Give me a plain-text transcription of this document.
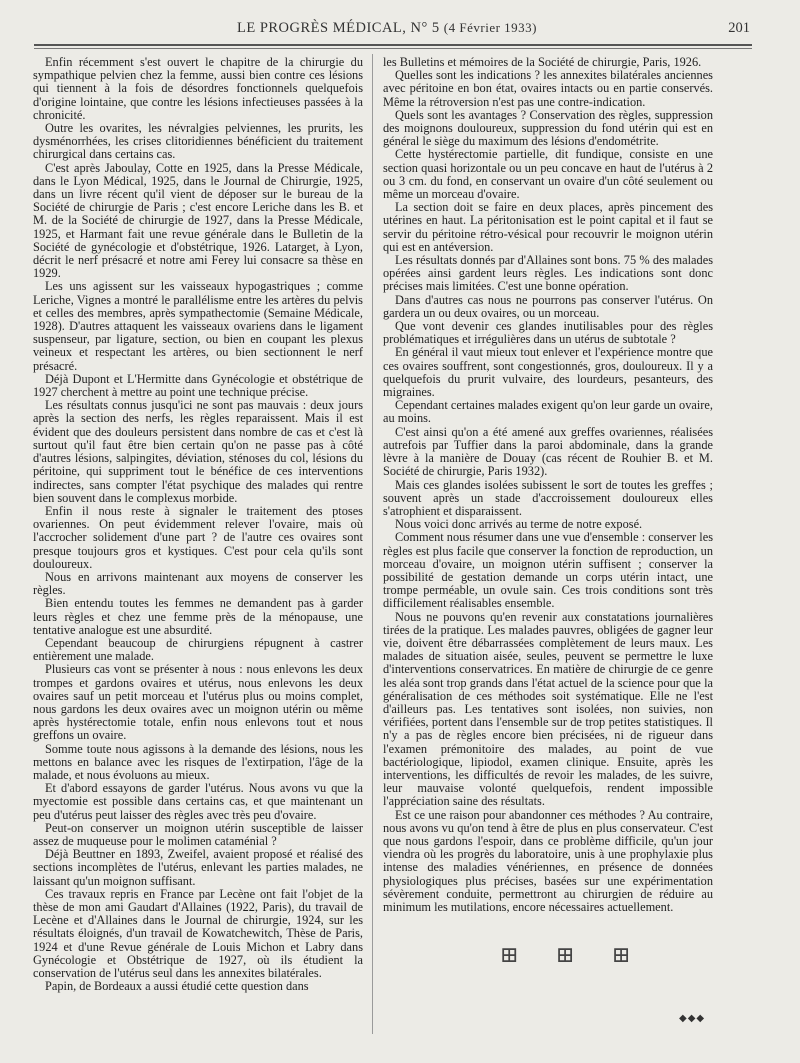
LE PROGRÈS MÉDICAL, N° 5 (4 Février 1933)	201

Enfin récemment s'est ouvert le chapitre de la chirurgie du sympathique pelvien chez la femme, aussi bien contre ces lésions qui tiennent à la fois de désordres fonctionnels quelquefois d'origine lointaine, que contre les lésions infectieuses passées à la chronicité.

Outre les ovarites, les névralgies pelviennes, les prurits, les dysménorrhées, les crises clitoridiennes bénéficient du traitement chirurgical dans certains cas.

C'est après Jaboulay, Cotte en 1925, dans la Presse Médicale, dans le Lyon Médical, 1925, dans le Journal de Chirurgie, 1925, dans un livre récent qu'il vient de déposer sur le bureau de la Société de chirurgie de Paris ; c'est encore Leriche dans les B. et M. de la Société de chirurgie de 1927, dans la Presse Médicale, 1925, et Harmant fait une revue générale dans le Bulletin de la Société de gynécologie et d'obstétrique, 1926. Latarget, à Lyon, décrit le nerf présacré et notre ami Ferey lui consacre sa thèse en 1929.

Les uns agissent sur les vaisseaux hypogastriques ; comme Leriche, Vignes a montré le parallélisme entre les artères du pelvis et celles des membres, après sympathectomie (Semaine Médicale, 1928). D'autres attaquent les vaisseaux ovariens dans le ligament suspenseur, par ligature, section, ou bien en coupant les plexus veineux et respectant les artères, ou bien sectionnent le nerf présacré.

Déjà Dupont et L'Hermitte dans Gynécologie et obstétrique de 1927 cherchent à mettre au point une technique précise.

Les résultats connus jusqu'ici ne sont pas mauvais : deux jours après la section des nerfs, les règles reparaissent. Mais il est évident que des douleurs persistent dans nombre de cas et c'est là surtout qu'il faut être bien certain qu'on ne passe pas à côté d'autres lésions, salpingites, déviation, sténoses du col, lésions du péritoine, qui suppriment tout le bénéfice de ces interventions indirectes, sans compter l'état psychique des malades qui rentre bien souvent dans le complexus morbide.

Enfin il nous reste à signaler le traitement des ptoses ovariennes. On peut évidemment relever l'ovaire, mais où l'accrocher solidement d'une part ? de l'autre ces ovaires sont presque toujours gros et kystiques. C'est pour cela qu'ils sont douloureux.

Nous en arrivons maintenant aux moyens de conserver les règles.

Bien entendu toutes les femmes ne demandent pas à garder leurs règles et chez une femme près de la ménopause, une tentative analogue est une absurdité.

Cependant beaucoup de chirurgiens répugnent à castrer entièrement une malade.

Plusieurs cas vont se présenter à nous : nous enlevons les deux trompes et gardons ovaires et utérus, nous enlevons les deux ovaires sauf un petit morceau et l'utérus plus ou moins complet, nous gardons les deux ovaires avec un moignon utérin ou même après hystérectomie totale, enfin nous enlevons tout et nous greffons un ovaire.

Somme toute nous agissons à la demande des lésions, nous les mettons en balance avec les risques de l'extirpation, l'âge de la malade, et nous évoluons au mieux.

Et d'abord essayons de garder l'utérus. Nous avons vu que la myectomie est possible dans certains cas, et que maintenant un peu d'utérus peut laisser des règles avec très peu d'ovaire.

Peut-on conserver un moignon utérin susceptible de laisser assez de muqueuse pour le molimen cataménial ?

Déjà Beuttner en 1893, Zweifel, avaient proposé et réalisé des sections incomplètes de l'utérus, enlevant les parties malades, ne laissant qu'un moignon suffisant.

Ces travaux repris en France par Lecène ont fait l'objet de la thèse de mon ami Gaudart d'Allaines (1922, Paris), du travail de Lecène et d'Allaines dans le Journal de chirurgie, 1924, sur les résultats éloignés, d'un travail de Kowatchewitch, Thèse de Paris, 1924 et d'une Revue générale de Louis Michon et Labry dans Gynécologie et Obstétrique de 1927, où ils étudient la conservation de l'utérus seul dans les annexites bilatérales.

Papin, de Bordeaux a aussi étudié cette question dans

les Bulletins et mémoires de la Société de chirurgie, Paris, 1926.

Quelles sont les indications ? les annexites bilatérales anciennes avec péritoine en bon état, ovaires intacts ou en partie conservés. Même la rétroversion n'est pas une contre-indication.

Quels sont les avantages ? Conservation des règles, suppression des moignons douloureux, suppression du fond utérin qui est en général le siège du maximum des lésions d'endométrite.

Cette hystérectomie partielle, dit fundique, consiste en une section quasi horizontale ou un peu concave en haut de l'utérus à 2 ou 3 cm. du fond, en conservant un ovaire d'un côté seulement ou même un morceau d'ovaire.

La section doit se faire en deux places, après pincement des utérines en haut. La péritonisation est le point capital et il faut se servir du péritoine rétro-vésical pour recouvrir le moignon utérin qui est en antéversion.

Les résultats donnés par d'Allaines sont bons. 75 % des malades opérées ainsi gardent leurs règles. Les indications sont donc précises mais limitées. C'est une bonne opération.

Dans d'autres cas nous ne pourrons pas conserver l'utérus. On gardera un ou deux ovaires, ou un morceau.

Que vont devenir ces glandes inutilisables pour des règles problématiques et irrégulières dans un utérus de subtotale ?

En général il vaut mieux tout enlever et l'expérience montre que ces ovaires souffrent, sont congestionnés, gros, douloureux. Il y a quelquefois du prurit vulvaire, des lourdeurs, pesanteurs, des migraines.

Cependant certaines malades exigent qu'on leur garde un ovaire, au moins.

C'est ainsi qu'on a été amené aux greffes ovariennes, réalisées autrefois par Tuffier dans la paroi abdominale, dans la grande lèvre à la manière de Douay (cas récent de Rouhier B. et M. Société de chirurgie, Paris 1932).

Mais ces glandes isolées subissent le sort de toutes les greffes ; souvent après un stade d'accroissement douloureux elles s'atrophient et disparaissent.

Nous voici donc arrivés au terme de notre exposé.

Comment nous résumer dans une vue d'ensemble : conserver les règles est plus facile que conserver la fonction de reproduction, un morceau d'ovaire, un moignon utérin suffisent ; conserver la possibilité de gestation demande un corps utérin intact, une trompe perméable, un ovule sain. Ces trois conditions sont très difficilement réalisables ensemble.

Nous ne pouvons qu'en revenir aux constatations journalières tirées de la pratique. Les malades pauvres, obligées de gagner leur vie, doivent être débarrassées complètement de leurs maux. Les malades de situation aisée, seules, peuvent se permettre le luxe d'interventions conservatrices. En matière de chirurgie de ce genre les aléa sont trop grands dans l'état actuel de la science pour que la généralisation de ces méthodes soit systématique. Elle ne l'est d'ailleurs pas. Les tentatives sont isolées, non suivies, non vérifiées, portent dans l'ensemble sur de trop petites statistiques. Il n'y a pas de règles encore bien précisées, ni de rigueur dans l'examen prémonitoire des malades, au point de vue bactériologique, lipiodol, examen clinique. Ensuite, après les interventions, les difficultés de revoir les malades, de les suivre, leur mauvaise volonté quelquefois, rendent impossible l'appréciation saine des résultats.

Est ce une raison pour abandonner ces méthodes ? Au contraire, nous avons vu qu'on tend à être de plus en plus conservateur. C'est que nous gardons l'espoir, dans ce problème difficile, qu'un jour viendra où les progrès du laboratoire, unis à une prophylaxie plus intense des maladies vénériennes, en présence de données physiologiques plus précises, basées sur une expérimentation sévèrement conduite, permettront au chirurgien de réduire au minimum les mutilations, encore nécessaires actuellement.

⊞ ⊞ ⊞
◆◆◆
